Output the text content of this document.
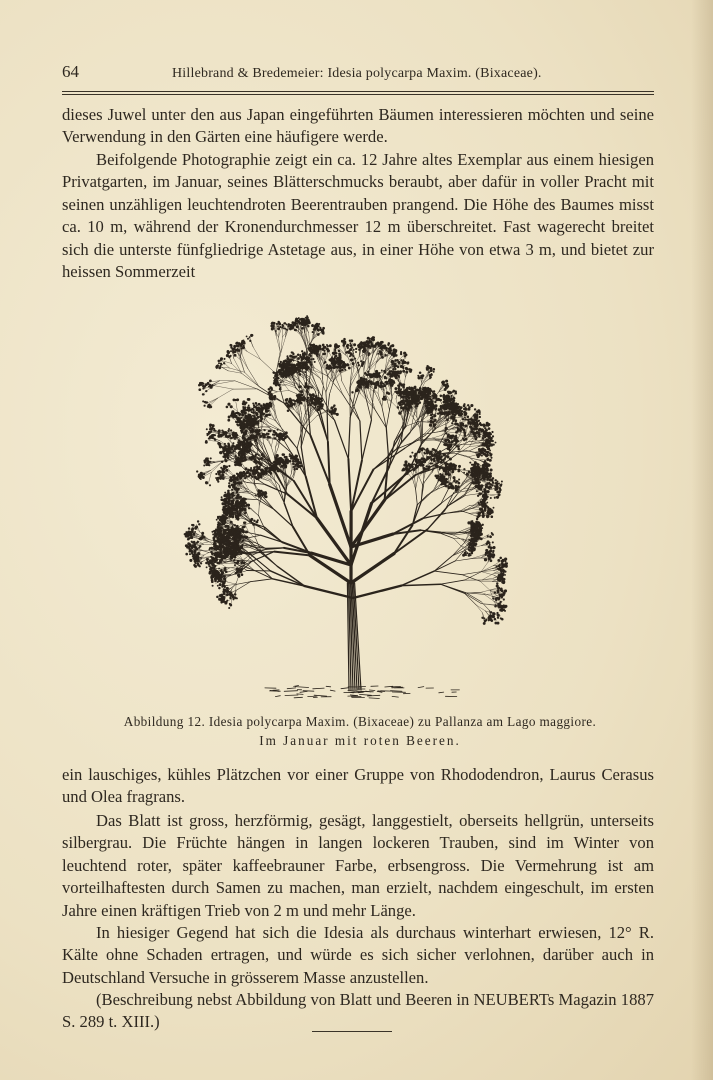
64	Hillebrand & Bredemeier: Idesia polycarpa Maxim. (Bixaceae).
dieses Juwel unter den aus Japan eingeführten Bäumen interessieren möchten und seine Verwendung in den Gärten eine häufigere werde.
Beifolgende Photographie zeigt ein ca. 12 Jahre altes Exemplar aus einem hiesigen Privatgarten, im Januar, seines Blätterschmucks beraubt, aber dafür in voller Pracht mit seinen unzähligen leuchtendroten Beerentrauben prangend. Die Höhe des Baumes misst ca. 10 m, während der Kronendurchmesser 12 m überschreitet. Fast wagerecht breitet sich die unterste fünfgliedrige Astetage aus, in einer Höhe von etwa 3 m, und bietet zur heissen Sommerzeit
Abbildung 12. Idesia polycarpa Maxim. (Bixaceae) zu Pallanza am Lago maggiore.
Im Januar mit roten Beeren.
ein lauschiges, kühles Plätzchen vor einer Gruppe von Rhododendron, Laurus Cerasus und Olea fragrans.
Das Blatt ist gross, herzförmig, gesägt, langgestielt, oberseits hellgrün, unterseits silbergrau. Die Früchte hängen in langen lockeren Trauben, sind im Winter von leuchtend roter, später kaffeebrauner Farbe, erbsengross. Die Vermehrung ist am vorteilhaftesten durch Samen zu machen, man erzielt, nachdem eingeschult, im ersten Jahre einen kräftigen Trieb von 2 m und mehr Länge.
In hiesiger Gegend hat sich die Idesia als durchaus winterhart erwiesen, 12° R. Kälte ohne Schaden ertragen, und würde es sich sicher verlohnen, darüber auch in Deutschland Versuche in grösserem Masse anzustellen.
(Beschreibung nebst Abbildung von Blatt und Beeren in NEUBERTs Magazin 1887 S. 289 t. XIII.)
